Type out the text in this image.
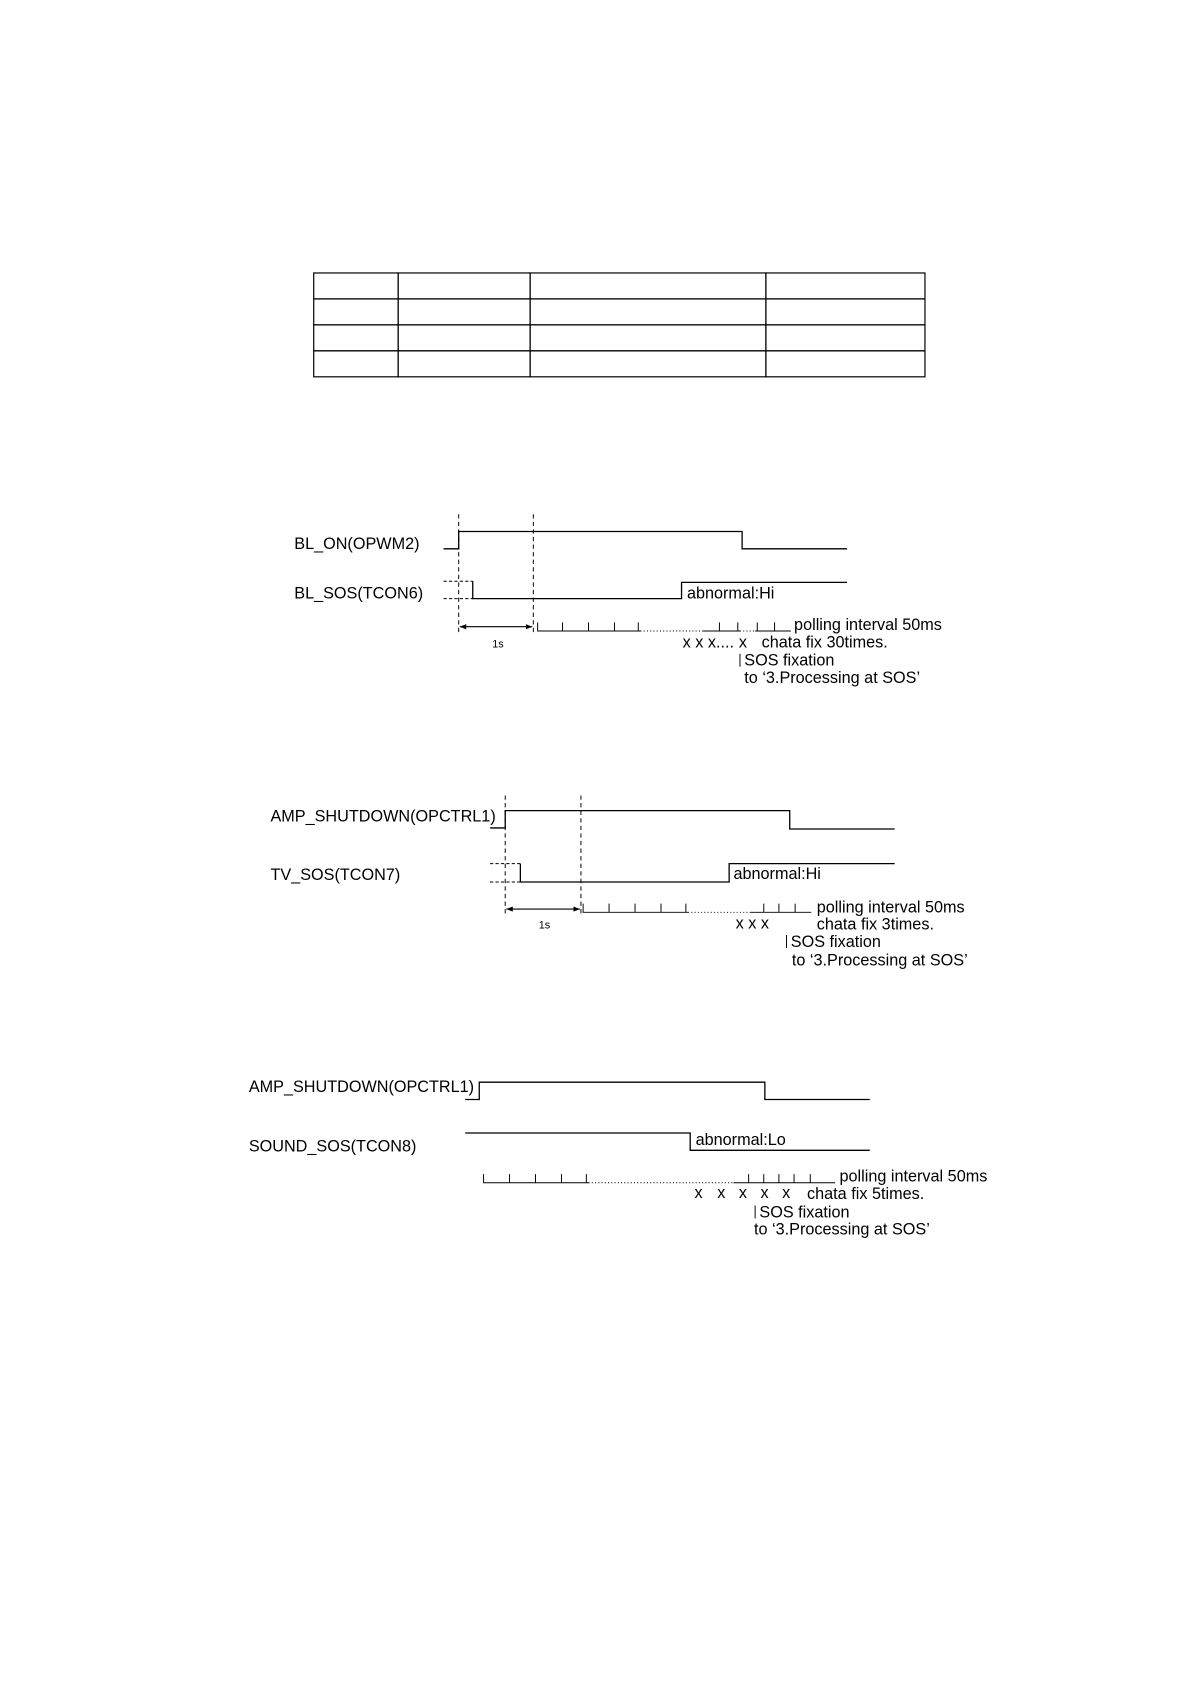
BL_ON(OPWM2)
BL_SOS(TCON6)	abnormal:Hi
1s
polling interval 50ms
x x x.... x chata fix 30times.
SOS fixation
to ‘3.Processing at SOS’
AMP_SHUTDOWN(OPCTRL1)
TV_SOS(TCON7)	abnormal:Hi
1s
polling interval 50ms
x x x	chata fix 3times.
SOS fixation
to ‘3.Processing at SOS’
AMP_SHUTDOWN(OPCTRL1)
SOUND_SOS(TCON8)	abnormal:Lo
polling interval 50ms
x x x x x chata fix 5times.
SOS fixation
to ‘3.Processing at SOS’
